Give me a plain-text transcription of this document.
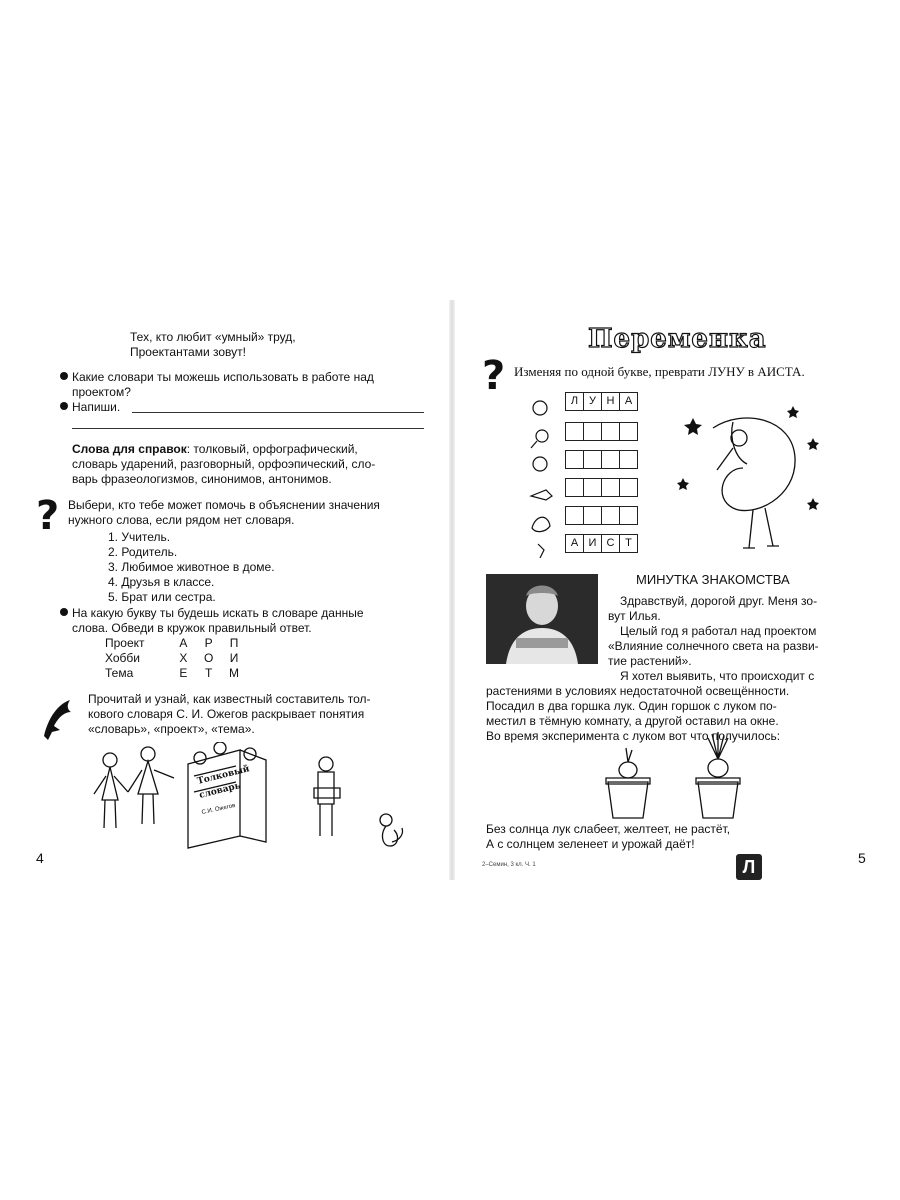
Тех, кто любит «умный» труд,
Проектантами зовут!
Какие словари ты можешь использовать в работе над
проектом?
Напиши.
Слова для справок: толковый, орфографический,
словарь ударений, разговорный, орфоэпический, сло-
варь фразеологизмов, синонимов, антонимов.
? Выбери, кто тебе может помочь в объяснении значения
нужного слова, если рядом нет словаря.
1. Учитель.
2. Родитель.
3. Любимое животное в доме.
4. Друзья в классе.
5. Брат или сестра.
На какую букву ты будешь искать в словаре данные
слова. Обведи в кружок правильный ответ.
Проект	А Р П
Хобби	Х О И
Тема	Е Т М
Прочитай и узнай, как известный составитель тол-
кового словаря С. И. Ожегов раскрывает понятия
«словарь», «проект», «тема».
Толковый
словарь
С.И. Ожегов
4
Переменка
? Изменяя по одной букве, преврати ЛУНУ в АИСТА.
Л У Н А
А И С Т
МИНУТКА ЗНАКОМСТВА
Здравствуй, дорогой друг. Меня зо-
вут Илья.
Целый год я работал над проектом
«Влияние солнечного света на разви-
тие растений».
Я хотел выявить, что происходит с
растениями в условиях недостаточной освещённости.
Посадил в два горшка лук. Один горшок с луком по-
местил в тёмную комнату, а другой оставил на окне.
Во время эксперимента с луком вот что получилось:
Без солнца лук слабеет, желтеет, не растёт,
А с солнцем зеленеет и урожай даёт!
2–Семин, 3 кл. Ч. 1	Л	5
